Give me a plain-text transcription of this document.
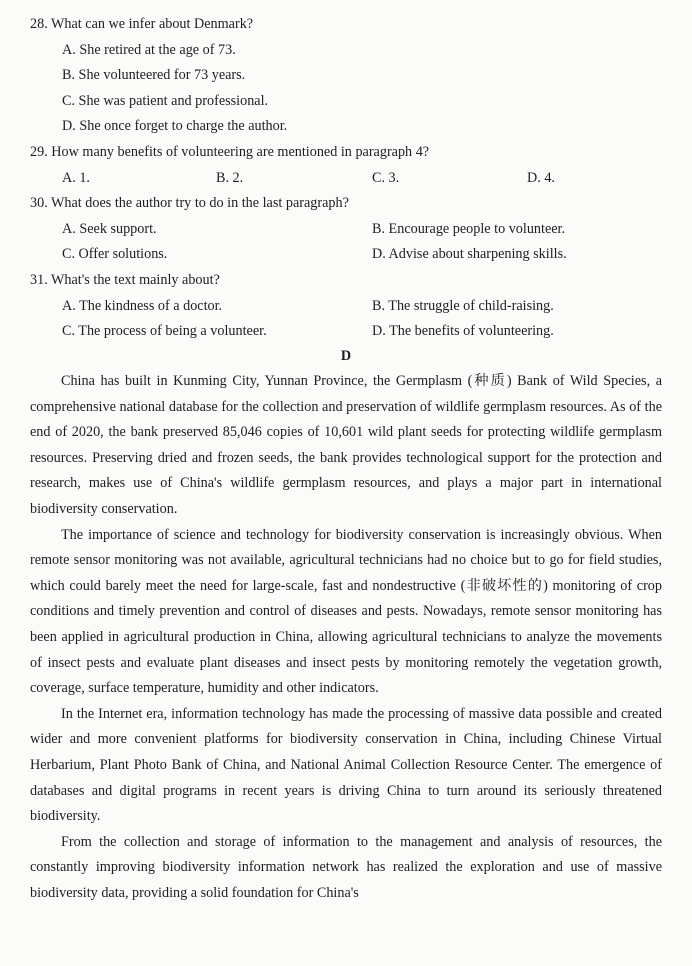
28. What can we infer about Denmark?
A. She retired at the age of 73.
B. She volunteered for 73 years.
C. She was patient and professional.
D. She once forget to charge the author.
29. How many benefits of volunteering are mentioned in paragraph 4?
A. 1.	B. 2.	C. 3.	D. 4.
30. What does the author try to do in the last paragraph?
A. Seek support.	B. Encourage people to volunteer.
C. Offer solutions.	D. Advise about sharpening skills.
31. What's the text mainly about?
A. The kindness of a doctor.	B. The struggle of child-raising.
C. The process of being a volunteer.	D. The benefits of volunteering.
D

China has built in Kunming City, Yunnan Province, the Germplasm (种质) Bank of Wild Species, a comprehensive national database for the collection and preservation of wildlife germplasm resources. As of the end of 2020, the bank preserved 85,046 copies of 10,601 wild plant seeds for protecting wildlife germplasm resources. Preserving dried and frozen seeds, the bank provides technological support for the protection and research, makes use of China's wildlife germplasm resources, and plays a major part in international biodiversity conservation.

The importance of science and technology for biodiversity conservation is increasingly obvious. When remote sensor monitoring was not available, agricultural technicians had no choice but to go for field studies, which could barely meet the need for large-scale, fast and nondestructive (非破坏性的) monitoring of crop conditions and timely prevention and control of diseases and pests. Nowadays, remote sensor monitoring has been applied in agricultural production in China, allowing agricultural technicians to analyze the movements of insect pests and evaluate plant diseases and insect pests by monitoring remotely the vegetation growth, coverage, surface temperature, humidity and other indicators.

In the Internet era, information technology has made the processing of massive data possible and created wider and more convenient platforms for biodiversity conservation in China, including Chinese Virtual Herbarium, Plant Photo Bank of China, and National Animal Collection Resource Center. The emergence of databases and digital programs in recent years is driving China to turn around its seriously threatened biodiversity.

From the collection and storage of information to the management and analysis of resources, the constantly improving biodiversity information network has realized the exploration and use of massive biodiversity data, providing a solid foundation for China's
